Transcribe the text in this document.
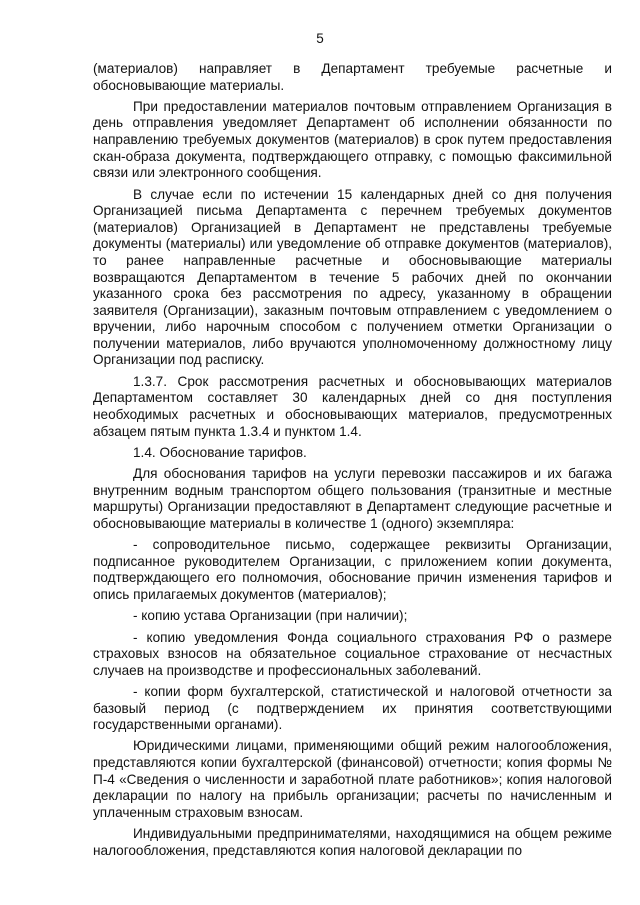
5

(материалов) направляет в Департамент требуемые расчетные и обосновывающие материалы.

При предоставлении материалов почтовым отправлением Организация в день отправления уведомляет Департамент об исполнении обязанности по направлению требуемых документов (материалов) в срок путем предоставления скан-образа документа, подтверждающего отправку, с помощью факсимильной связи или электронного сообщения.

В случае если по истечении 15 календарных дней со дня получения Организацией письма Департамента с перечнем требуемых документов (материалов) Организацией в Департамент не представлены требуемые документы (материалы) или уведомление об отправке документов (материалов), то ранее направленные расчетные и обосновывающие материалы возвращаются Департаментом в течение 5 рабочих дней по окончании указанного срока без рассмотрения по адресу, указанному в обращении заявителя (Организации), заказным почтовым отправлением с уведомлением о вручении, либо нарочным способом с получением отметки Организации о получении материалов, либо вручаются уполномоченному должностному лицу Организации под расписку.

1.3.7. Срок рассмотрения расчетных и обосновывающих материалов Департаментом составляет 30 календарных дней со дня поступления необходимых расчетных и обосновывающих материалов, предусмотренных абзацем пятым пункта 1.3.4 и пунктом 1.4.

1.4. Обоснование тарифов.

Для обоснования тарифов на услуги перевозки пассажиров и их багажа внутренним водным транспортом общего пользования (транзитные и местные маршруты) Организации предоставляют в Департамент следующие расчетные и обосновывающие материалы в количестве 1 (одного) экземпляра:

- сопроводительное письмо, содержащее реквизиты Организации, подписанное руководителем Организации, с приложением копии документа, подтверждающего его полномочия, обоснование причин изменения тарифов и опись прилагаемых документов (материалов);

- копию устава Организации (при наличии);

- копию уведомления Фонда социального страхования РФ о размере страховых взносов на обязательное социальное страхование от несчастных случаев на производстве и профессиональных заболеваний.

- копии форм бухгалтерской, статистической и налоговой отчетности за базовый период (с подтверждением их принятия соответствующими государственными органами).

Юридическими лицами, применяющими общий режим налогообложения, представляются копии бухгалтерской (финансовой) отчетности; копия формы № П-4 «Сведения о численности и заработной плате работников»; копия налоговой декларации по налогу на прибыль организации; расчеты по начисленным и уплаченным страховым взносам.

Индивидуальными предпринимателями, находящимися на общем режиме налогообложения, представляются копия налоговой декларации по
